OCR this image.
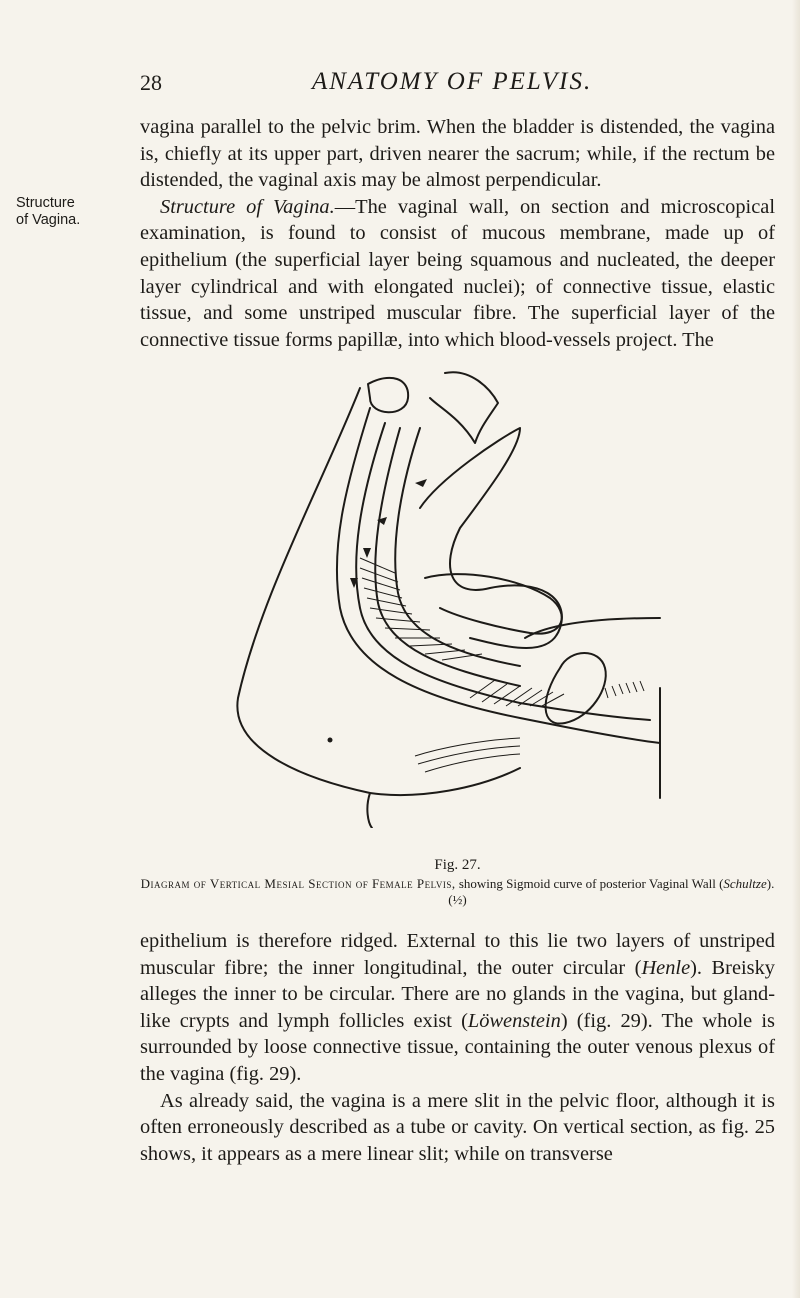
28	ANATOMY OF PELVIS.
Structure
of Vagina.

vagina parallel to the pelvic brim. When the bladder is distended, the vagina is, chiefly at its upper part, driven nearer the sacrum; while, if the rectum be distended, the vaginal axis may be almost perpendicular.

Structure of Vagina.—The vaginal wall, on section and microscopical examination, is found to consist of mucous membrane, made up of epithelium (the superficial layer being squamous and nucleated, the deeper layer cylindrical and with elongated nuclei); of connective tissue, elastic tissue, and some unstriped muscular fibre. The superficial layer of the connective tissue forms papillæ, into which blood-vessels project. The

Fig. 27.
Diagram of Vertical Mesial Section of Female Pelvis, showing Sigmoid curve of posterior Vaginal Wall (Schultze). (½)

epithelium is therefore ridged. External to this lie two layers of unstriped muscular fibre; the inner longitudinal, the outer circular (Henle). Breisky alleges the inner to be circular. There are no glands in the vagina, but gland-like crypts and lymph follicles exist (Löwenstein) (fig. 29). The whole is surrounded by loose connective tissue, containing the outer venous plexus of the vagina (fig. 29).

As already said, the vagina is a mere slit in the pelvic floor, although it is often erroneously described as a tube or cavity. On vertical section, as fig. 25 shows, it appears as a mere linear slit; while on transverse
